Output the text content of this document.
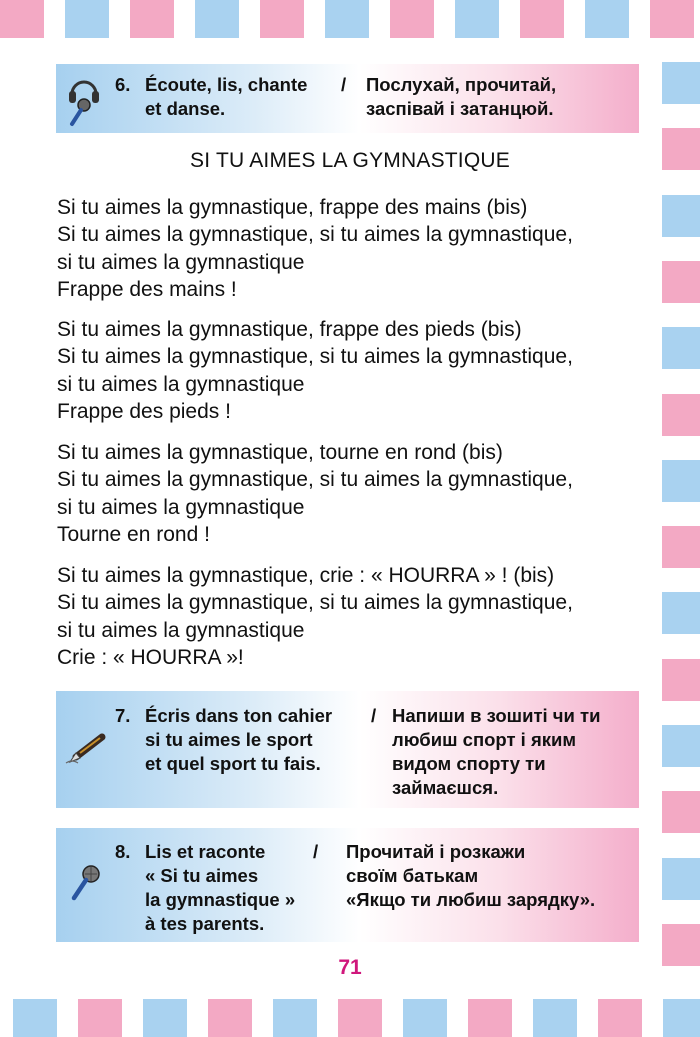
6. Écoute, lis, chante
et danse.
/ Послухай, прочитай,
заспівай і затанцюй.
SI TU AIMES LA GYMNASTIQUE
Si tu aimes la gymnastique, frappe des mains (bis)
Si tu aimes la gymnastique, si tu aimes la gymnastique,
si tu aimes la gymnastique
Frappe des mains !
Si tu aimes la gymnastique, frappe des pieds (bis)
Si tu aimes la gymnastique, si tu aimes la gymnastique,
si tu aimes la gymnastique
Frappe des pieds !
Si tu aimes la gymnastique, tourne en rond (bis)
Si tu aimes la gymnastique, si tu aimes la gymnastique,
si tu aimes la gymnastique
Tourne en rond !
Si tu aimes la gymnastique, crie : « HOURRA » ! (bis)
Si tu aimes la gymnastique, si tu aimes la gymnastique,
si tu aimes la gymnastique
Crie : « HOURRA »!
7. Écris dans ton cahier
si tu aimes le sport
et quel sport tu fais.
/ Напиши в зошиті чи ти
любиш спорт і яким
видом спорту ти
займаєшся.
8. Lis et raconte
« Si tu aimes
la gymnastique »
à tes parents.
/ Прочитай і розкажи
своїм батькам
«Якщо ти любиш зарядку».
71
